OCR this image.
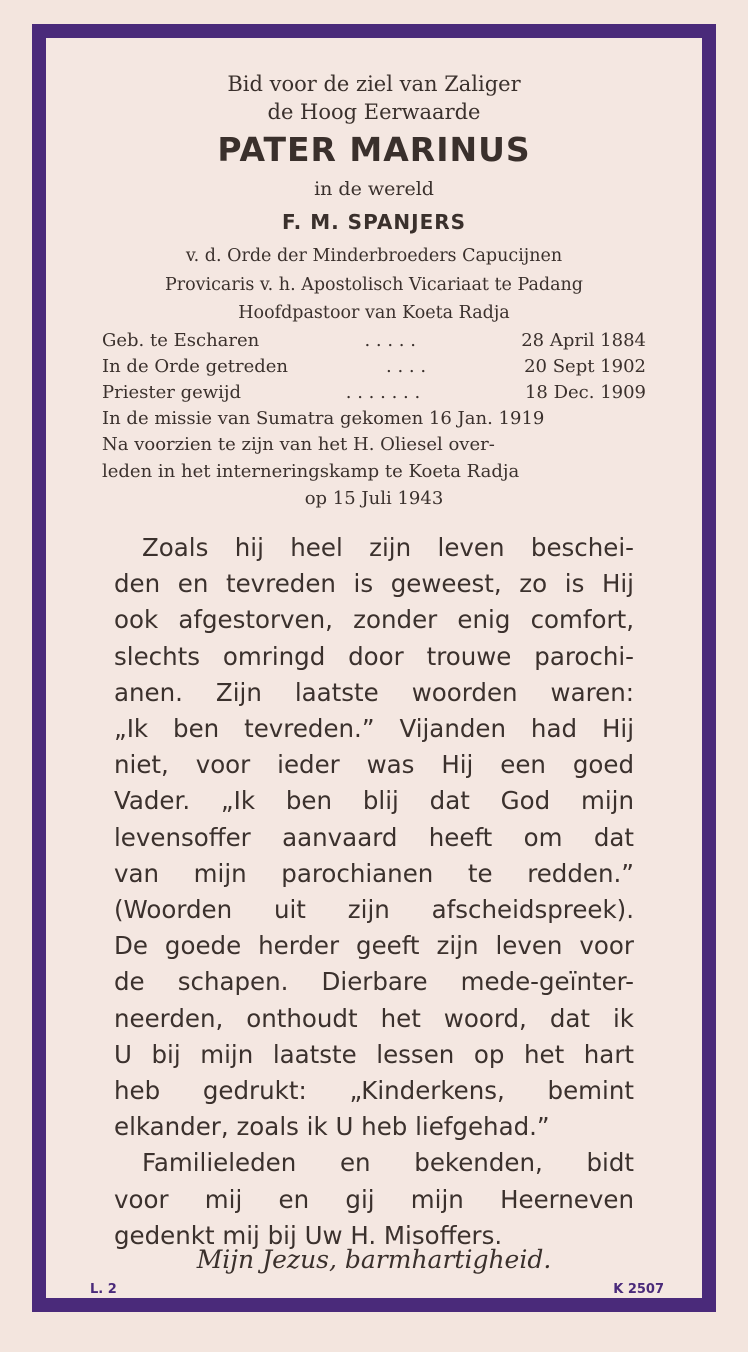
Bid voor de ziel van Zaliger
de Hoog Eerwaarde
PATER MARINUS
in de wereld
F. M. SPANJERS
v. d. Orde der Minderbroeders Capucijnen
Provicaris v. h. Apostolisch Vicariaat te Padang
Hoofdpastoor van Koeta Radja
Geb. te Escharen	. . . . .	28 April 1884
In de Orde getreden	. . . .	20 Sept 1902
Priester gewijd	. . . . . . .	18 Dec. 1909
In de missie van Sumatra gekomen 16 Jan. 1919
Na voorzien te zijn van het H. Oliesel over-
leden in het interneringskamp te Koeta Radja
op 15 Juli 1943
Zoals hij heel zijn leven beschei-
den en tevreden is geweest, zo is Hij
ook afgestorven, zonder enig comfort,
slechts omringd door trouwe parochi-
anen. Zijn laatste woorden waren:
„Ik ben tevreden.” Vijanden had Hij
niet, voor ieder was Hij een goed
Vader. „Ik ben blij dat God mijn
levensoffer aanvaard heeft om dat
van mijn parochianen te redden.”
(Woorden uit zijn afscheidspreek).
De goede herder geeft zijn leven voor
de schapen. Dierbare mede-geïnter-
neerden, onthoudt het woord, dat ik
U bij mijn laatste lessen op het hart
heb gedrukt: „Kinderkens, bemint
elkander, zoals ik U heb liefgehad.”
Familieleden en bekenden, bidt
voor mij en gij mijn Heerneven
gedenkt mij bij Uw H. Misoffers.
Mijn Jezus, barmhartigheid.
L. 2	K 2507
